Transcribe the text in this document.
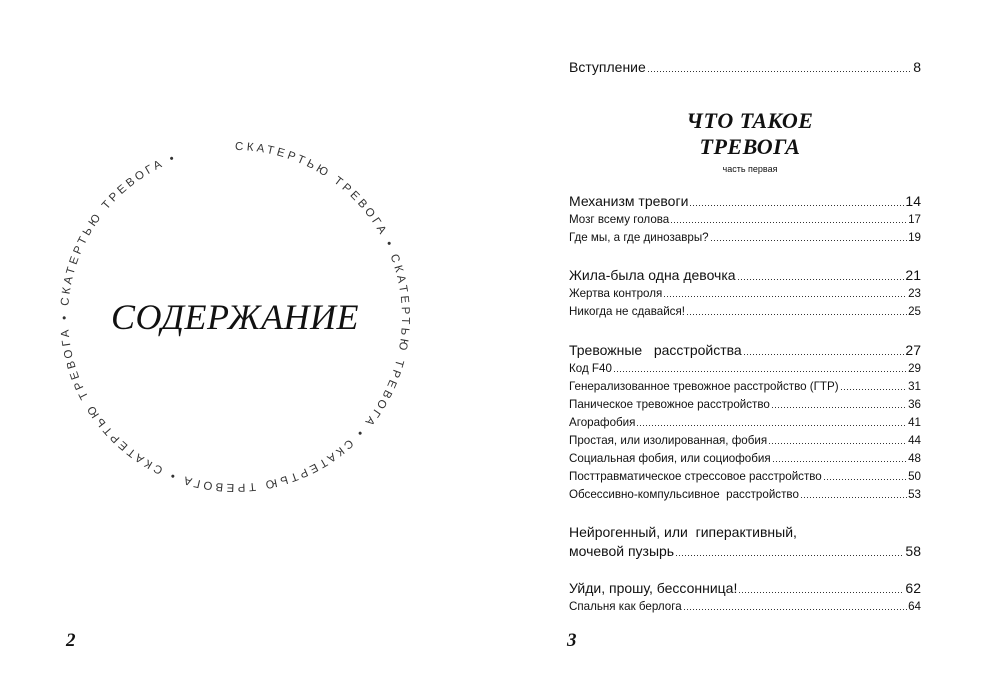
СКАТЕРТЬЮ ТРЕВОГА • СКАТЕРТЬЮ ТРЕВОГА • СКАТЕРТЬЮ ТРЕВОГА • СКАТЕРТЬЮ ТРЕВОГА • СКАТЕРТЬЮ ТРЕВОГА •
СОДЕРЖАНИЕ
2
Вступление	8
ЧТО ТАКОЕ
ТРЕВОГА
часть первая
Механизм тревоги	14
Мозг всему голова	17
Где мы, а где динозавры?	19
Жила-была одна девочка	21
Жертва контроля	23
Никогда не сдавайся!	25
Тревожные   расстройства	27
Код F40	29
Генерализованное тревожное расстройство (ГТР)	31
Паническое тревожное расстройство	36
Агорафобия	41
Простая, или изолированная, фобия	44
Социальная фобия, или социофобия	48
Посттравматическое стрессовое расстройство	50
Обсессивно-компульсивное  расстройство	53
Нейрогенный, или  гиперактивный,
мочевой пузырь	58
Уйди, прошу, бессонница!	62
Спальня как берлога	64
3
